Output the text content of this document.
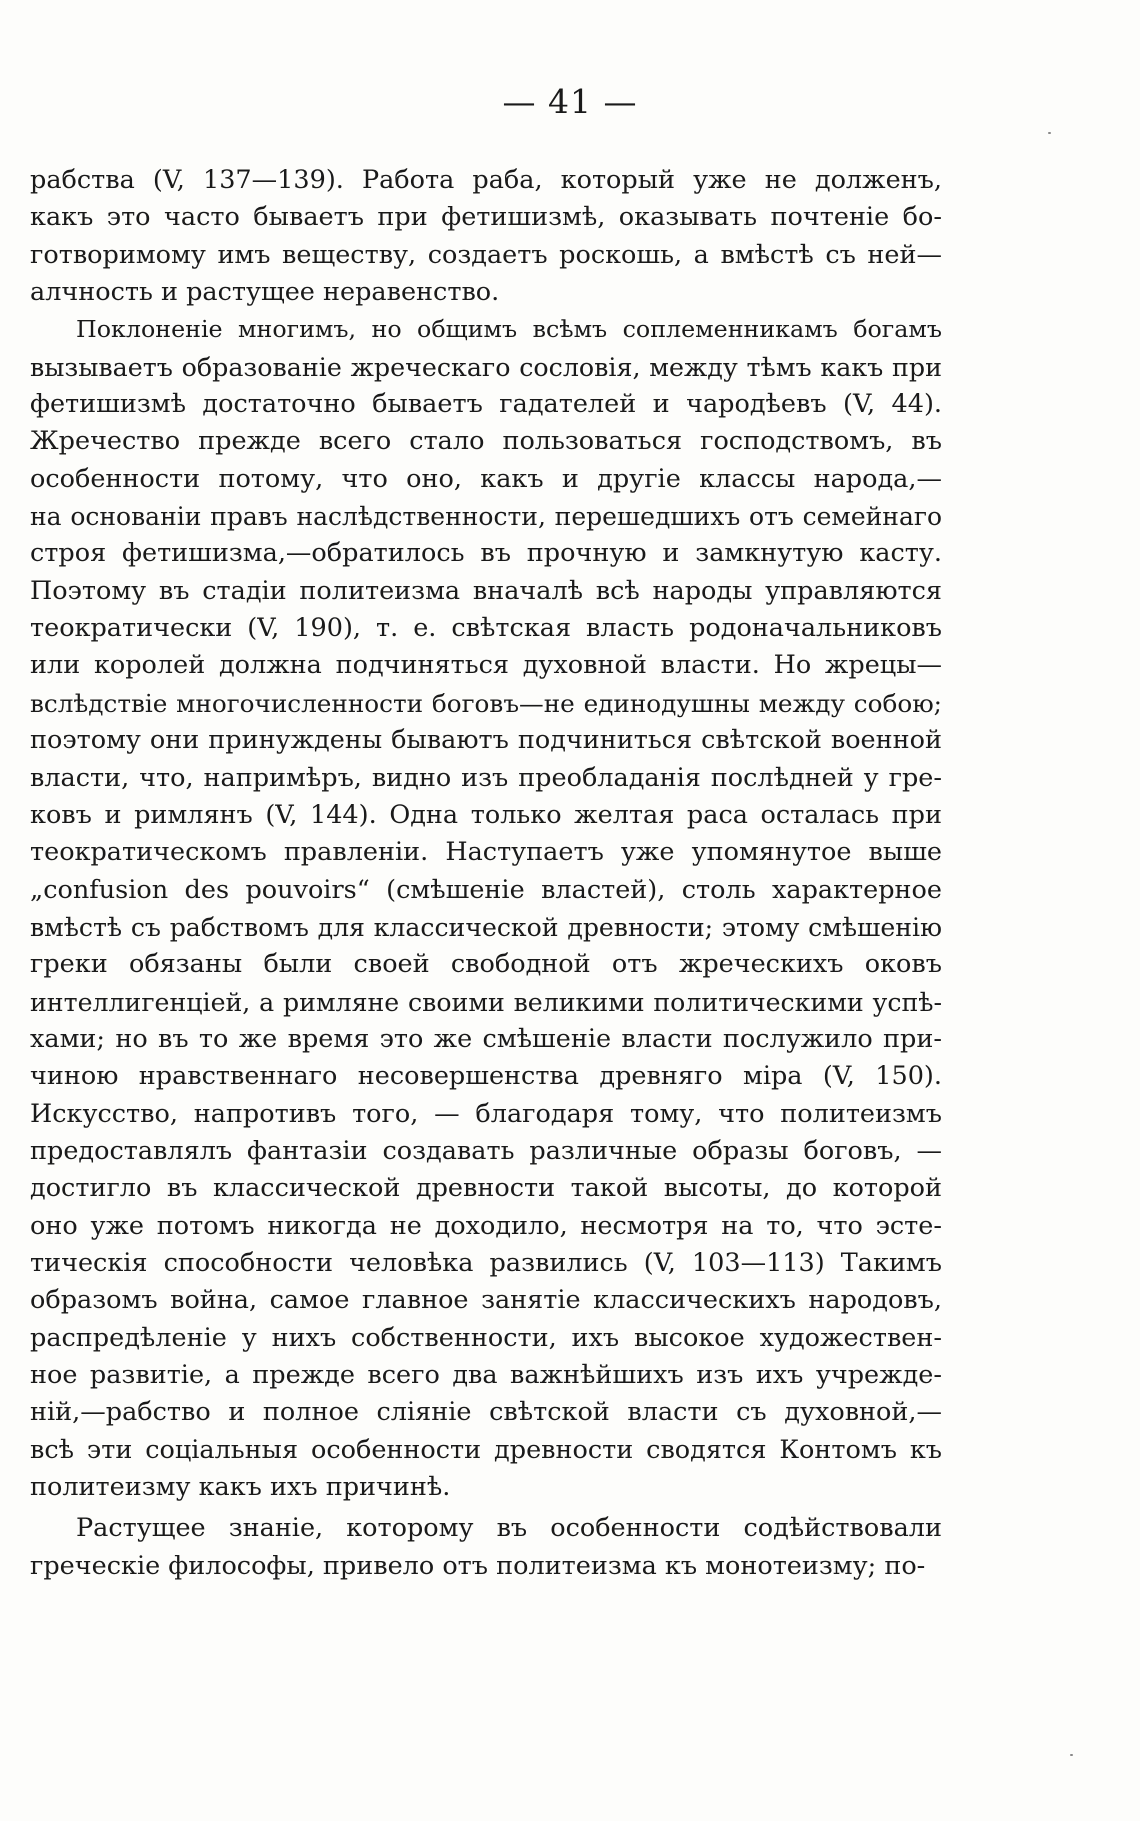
— 41 —
рабства (V, 137—139). Работа раба, который уже не долженъ,
какъ это часто бываетъ при фетишизмѣ, оказывать почтенiе бо-
готворимому имъ веществу, создаетъ роскошь, а вмѣстѣ съ ней—
алчность и растущее неравенство.
Поклоненiе многимъ, но общимъ всѣмъ соплеменникамъ богамъ
вызываетъ образованiе жреческаго сословiя, между тѣмъ какъ при
фетишизмѣ достаточно бываетъ гадателей и чародѣевъ (V, 44).
Жречество прежде всего стало пользоваться господствомъ, въ
особенности потому, что оно, какъ и другiе классы народа,—
на основанiи правъ наслѣдственности, перешедшихъ отъ семейнаго
строя фетишизма,—обратилось въ прочную и замкнутую касту.
Поэтому въ стадiи политеизма вначалѣ всѣ народы управляются
теократически (V, 190), т. е. свѣтская власть родоначальниковъ
или королей должна подчиняться духовной власти. Но жрецы—
вслѣдствiе многочисленности боговъ—не единодушны между собою;
поэтому они принуждены бываютъ подчиниться свѣтской военной
власти, что, напримѣръ, видно изъ преобладанiя послѣдней у гре-
ковъ и римлянъ (V, 144). Одна только желтая раса осталась при
теократическомъ правленiи. Наступаетъ уже упомянутое выше
„confusion des pouvoirs“ (смѣшенiе властей), столь характерное
вмѣстѣ съ рабствомъ для классической древности; этому смѣшенiю
греки обязаны были своей свободной отъ жреческихъ оковъ
интеллигенцiей, а римляне своими великими политическими успѣ-
хами; но въ то же время это же смѣшенiе власти послужило при-
чиною нравственнаго несовершенства древняго мiра (V, 150).
Искусство, напротивъ того, — благодаря тому, что политеизмъ
предоставлялъ фантазiи создавать различные образы боговъ, —
достигло въ классической древности такой высоты, до которой
оно уже потомъ никогда не доходило, несмотря на то, что эсте-
тическiя способности человѣка развились (V, 103—113) Такимъ
образомъ война, самое главное занятiе классическихъ народовъ,
распредѣленiе у нихъ собственности, ихъ высокое художествен-
ное развитiе, а прежде всего два важнѣйшихъ изъ ихъ учрежде-
нiй,—рабство и полное слiянiе свѣтской власти съ духовной,—
всѣ эти соцiальныя особенности древности сводятся Контомъ къ
политеизму какъ ихъ причинѣ.
Растущее знанiе, которому въ особенности содѣйствовали
греческiе философы, привело отъ политеизма къ монотеизму; по-
